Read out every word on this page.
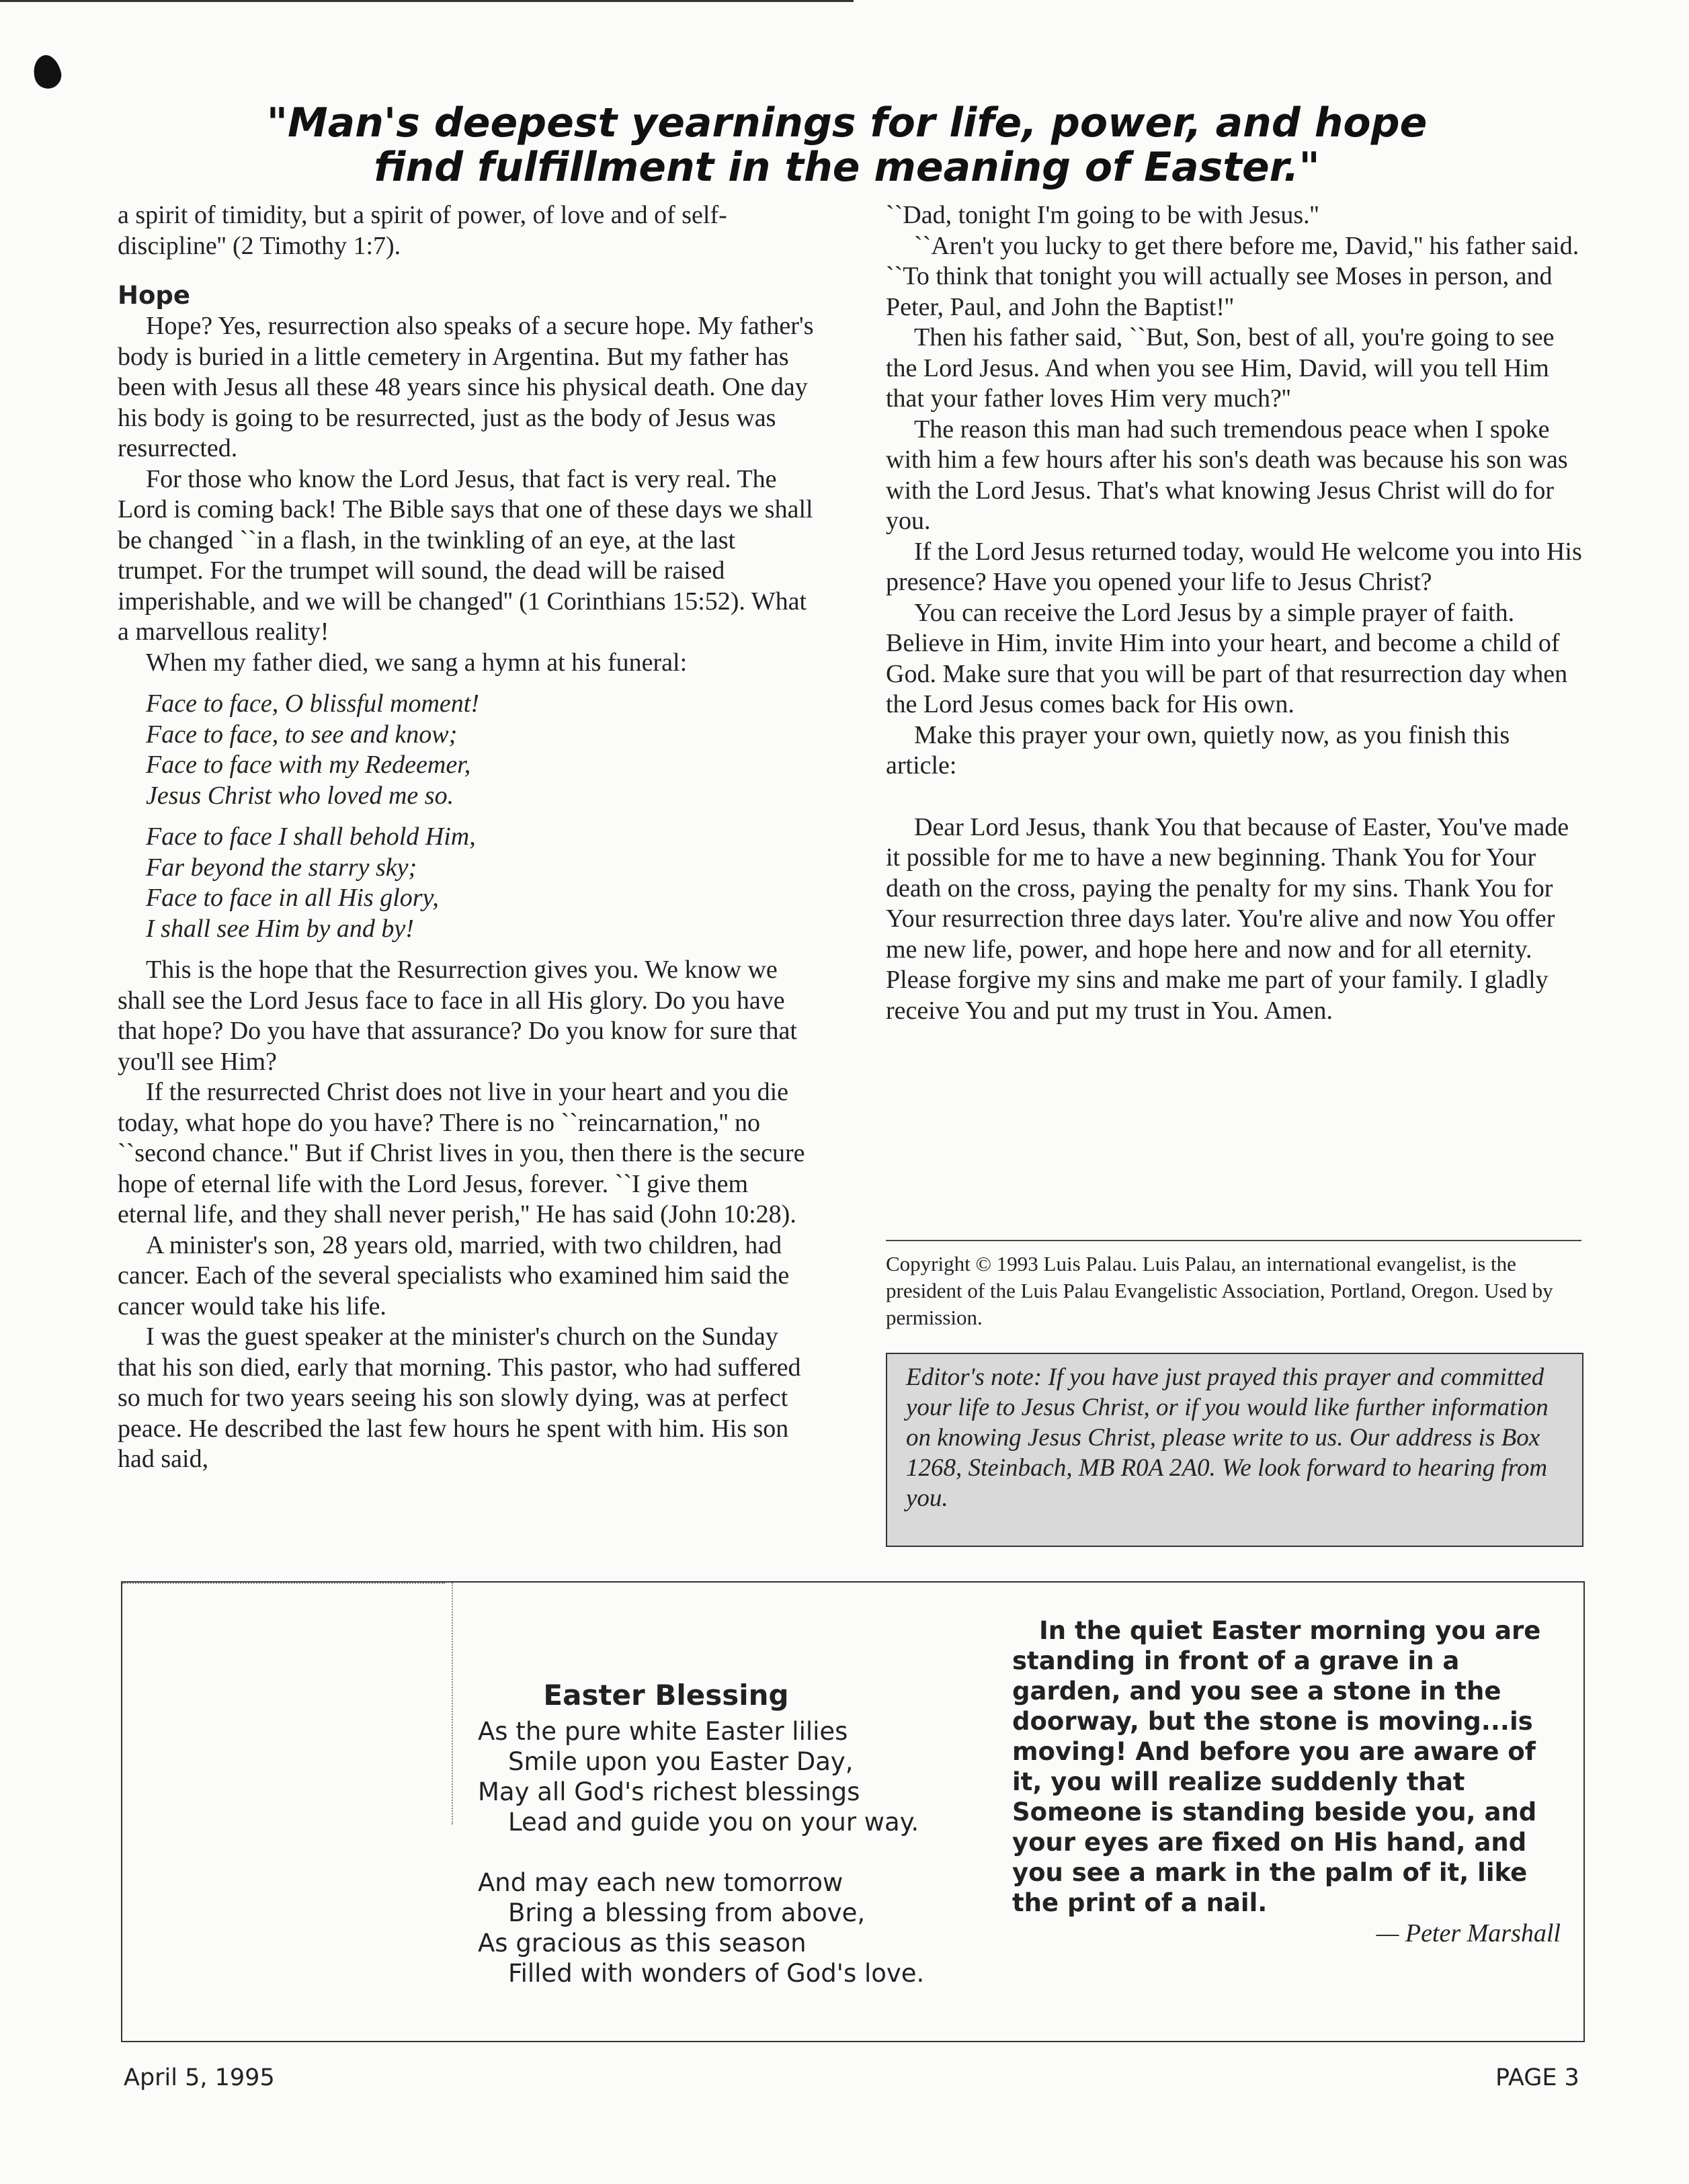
"Man's deepest yearnings for life, power, and hope
find fulfillment in the meaning of Easter."

a spirit of timidity, but a spirit of power, of love and of self-discipline'' (2 Timothy 1:7).

Hope

Hope? Yes, resurrection also speaks of a secure hope. My father's body is buried in a little cemetery in Argentina. But my father has been with Jesus all these 48 years since his physical death. One day his body is going to be resurrected, just as the body of Jesus was resurrected.

For those who know the Lord Jesus, that fact is very real. The Lord is coming back! The Bible says that one of these days we shall be changed ``in a flash, in the twinkling of an eye, at the last trumpet. For the trumpet will sound, the dead will be raised imperishable, and we will be changed'' (1 Corinthians 15:52). What a marvellous reality!

When my father died, we sang a hymn at his funeral:

Face to face, O blissful moment!
Face to face, to see and know;
Face to face with my Redeemer,
Jesus Christ who loved me so.

Face to face I shall behold Him,
Far beyond the starry sky;
Face to face in all His glory,
I shall see Him by and by!

This is the hope that the Resurrection gives you. We know we shall see the Lord Jesus face to face in all His glory. Do you have that hope? Do you have that assurance? Do you know for sure that you'll see Him?

If the resurrected Christ does not live in your heart and you die today, what hope do you have? There is no ``reincarnation,'' no ``second chance.'' But if Christ lives in you, then there is the secure hope of eternal life with the Lord Jesus, forever. ``I give them eternal life, and they shall never perish,'' He has said (John 10:28).

A minister's son, 28 years old, married, with two children, had cancer. Each of the several specialists who examined him said the cancer would take his life.

I was the guest speaker at the minister's church on the Sunday that his son died, early that morning. This pastor, who had suffered so much for two years seeing his son slowly dying, was at perfect peace. He described the last few hours he spent with him. His son had said,

``Dad, tonight I'm going to be with Jesus.''

``Aren't you lucky to get there before me, David,'' his father said. ``To think that tonight you will actually see Moses in person, and Peter, Paul, and John the Baptist!''

Then his father said, ``But, Son, best of all, you're going to see the Lord Jesus. And when you see Him, David, will you tell Him that your father loves Him very much?''

The reason this man had such tremendous peace when I spoke with him a few hours after his son's death was because his son was with the Lord Jesus. That's what knowing Jesus Christ will do for you.

If the Lord Jesus returned today, would He welcome you into His presence? Have you opened your life to Jesus Christ?

You can receive the Lord Jesus by a simple prayer of faith. Believe in Him, invite Him into your heart, and become a child of God. Make sure that you will be part of that resurrection day when the Lord Jesus comes back for His own.

Make this prayer your own, quietly now, as you finish this article:

Dear Lord Jesus, thank You that because of Easter, You've made it possible for me to have a new beginning. Thank You for Your death on the cross, paying the penalty for my sins. Thank You for Your resurrection three days later. You're alive and now You offer me new life, power, and hope here and now and for all eternity. Please forgive my sins and make me part of your family. I gladly receive You and put my trust in You. Amen.

Copyright © 1993 Luis Palau. Luis Palau, an international evangelist, is the president of the Luis Palau Evangelistic Association, Portland, Oregon. Used by permission.

Editor's note: If you have just prayed this prayer and committed your life to Jesus Christ, or if you would like further information on knowing Jesus Christ, please write to us. Our address is Box 1268, Steinbach, MB R0A 2A0. We look forward to hearing from you.

Easter Blessing
As the pure white Easter lilies
Smile upon you Easter Day,
May all God's richest blessings
Lead and guide you on your way.
And may each new tomorrow
Bring a blessing from above,
As gracious as this season
Filled with wonders of God's love.

In the quiet Easter morning you are standing in front of a grave in a garden, and you see a stone in the doorway, but the stone is moving...is moving! And before you are aware of it, you will realize suddenly that Someone is standing beside you, and your eyes are fixed on His hand, and you see a mark in the palm of it, like the print of a nail.

— Peter Marshall
April 5, 1995	PAGE 3
